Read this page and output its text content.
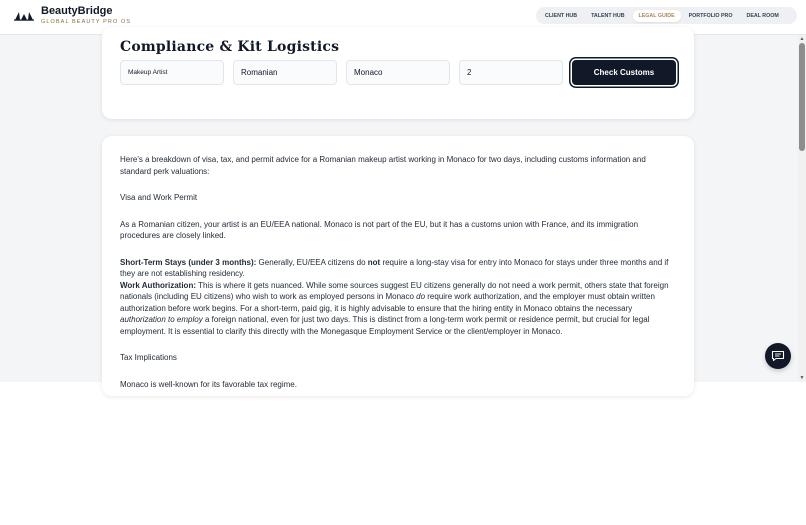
BeautyBridge
GLOBAL BEAUTY PRO OS
CLIENT HUB	TALENT HUB	LEGAL GUIDE	PORTFOLIO PRO	DEAL ROOM
Compliance & Kit Logistics
Makeup Artist	Romanian	Monaco	2	Check Customs

Here's a breakdown of visa, tax, and permit advice for a Romanian makeup artist working in Monaco for two days, including customs information and standard perk valuations:

Visa and Work Permit

As a Romanian citizen, your artist is an EU/EEA national. Monaco is not part of the EU, but it has a customs union with France, and its immigration procedures are closely linked.

Short-Term Stays (under 3 months): Generally, EU/EEA citizens do not require a long-stay visa for entry into Monaco for stays under three months and if they are not establishing residency.

Work Authorization: This is where it gets nuanced. While some sources suggest EU citizens generally do not need a work permit, others state that foreign nationals (including EU citizens) who wish to work as employed persons in Monaco do require work authorization, and the employer must obtain written authorization before work begins. For a short-term, paid gig, it is highly advisable to ensure that the hiring entity in Monaco obtains the necessary authorization to employ a foreign national, even for just two days. This is distinct from a long-term work permit or residence permit, but crucial for legal employment. It is essential to clarify this directly with the Monegasque Employment Service or the client/employer in Monaco.

Tax Implications

Monaco is well-known for its favorable tax regime.

▲
▼
